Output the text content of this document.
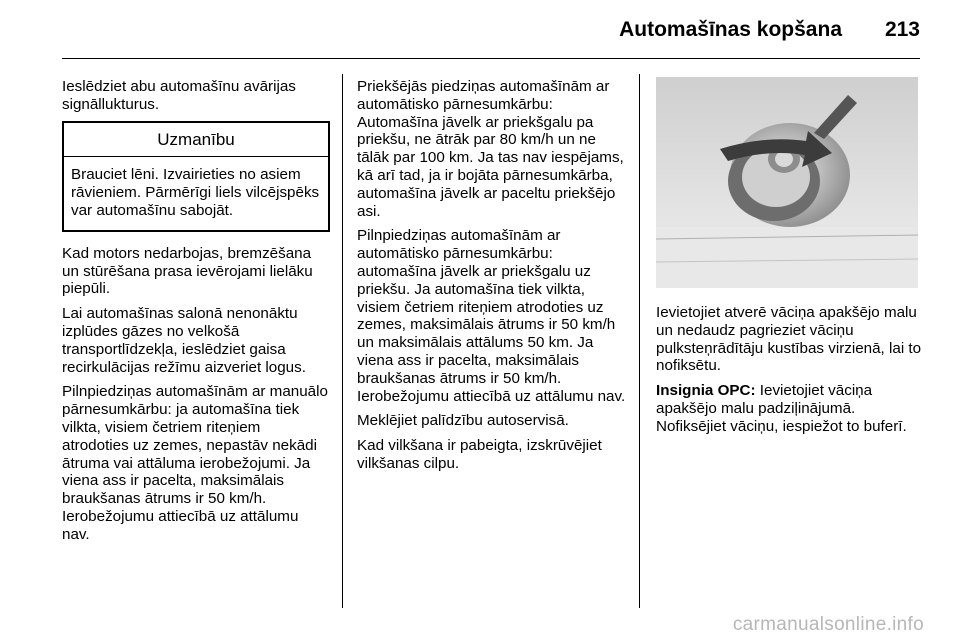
Automašīnas kopšana 213

Ieslēdziet abu automašīnu avārijas signāllukturus.

Uzmanību
Brauciet lēni. Izvairieties no asiem rāvieniem. Pārmērīgi liels vilcējspēks var automašīnu sabojāt.

Kad motors nedarbojas, bremzēšana un stūrēšana prasa ievērojami lielāku piepūli.

Lai automašīnas salonā nenonāktu izplūdes gāzes no velkošā transportlīdzekļa, ieslēdziet gaisa recirkulācijas režīmu aizveriet logus.

Pilnpiedziņas automašīnām ar manuālo pārnesumkārbu: ja automašīna tiek vilkta, visiem četriem riteņiem atrodoties uz zemes, nepastāv nekādi ātruma vai attāluma ierobežojumi. Ja viena ass ir pacelta, maksimālais braukšanas ātrums ir 50 km/h. Ierobežojumu attiecībā uz attālumu nav.

Priekšējās piedziņas automašīnām ar automātisko pārnesumkārbu: Automašīna jāvelk ar priekšgalu pa priekšu, ne ātrāk par 80 km/h un ne tālāk par 100 km. Ja tas nav iespējams, kā arī tad, ja ir bojāta pārnesumkārba, automašīna jāvelk ar paceltu priekšējo asi.

Pilnpiedziņas automašīnām ar automātisko pārnesumkārbu: automašīna jāvelk ar priekšgalu uz priekšu. Ja automašīna tiek vilkta, visiem četriem riteņiem atrodoties uz zemes, maksimālais ātrums ir 50 km/h un maksimālais attālums 50 km. Ja viena ass ir pacelta, maksimālais braukšanas ātrums ir 50 km/h. Ierobežojumu attiecībā uz attālumu nav.

Meklējiet palīdzību autoservisā.

Kad vilkšana ir pabeigta, izskrūvējiet vilkšanas cilpu.

Ievietojiet atverē vāciņa apakšējo malu un nedaudz pagrieziet vāciņu pulksteņrādītāju kustības virzienā, lai to nofiksētu.

Insignia OPC: Ievietojiet vāciņa apakšējo malu padziļinājumā. Nofiksējiet vāciņu, iespiežot to buferī.

carmanualsonline.info
